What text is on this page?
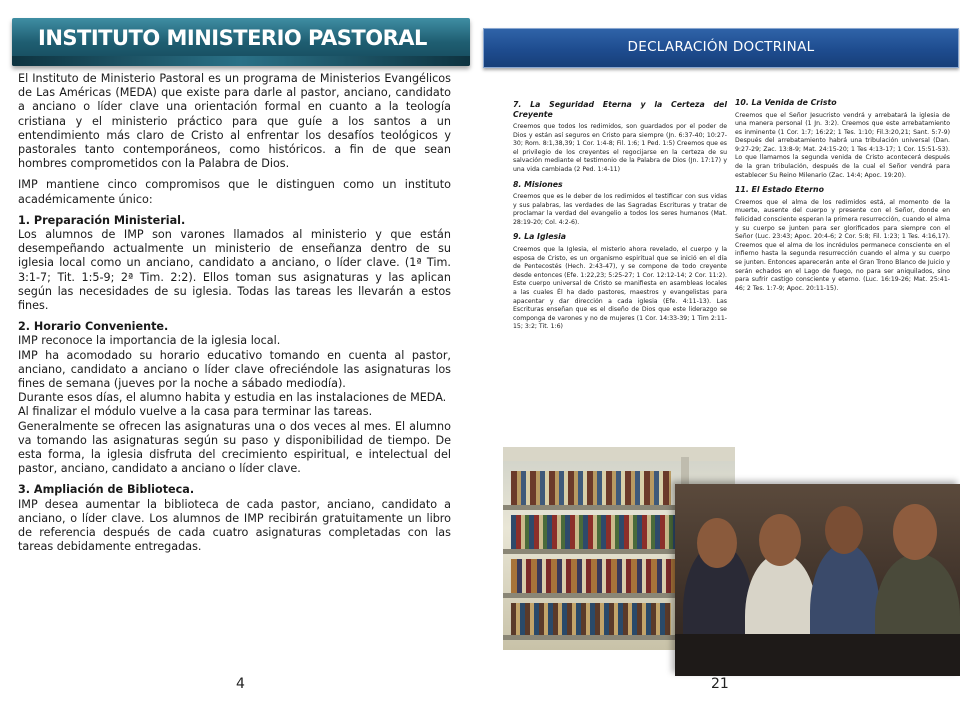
INSTITUTO MINISTERIO PASTORAL

El Instituto de Ministerio Pastoral es un programa de Ministerios Evangélicos de Las Américas (MEDA) que existe para darle al pastor, anciano, candidato a anciano o líder clave una orientación formal en cuanto a la teología cristiana y el ministerio práctico para que guíe a los santos a un entendimiento más claro de Cristo al enfrentar los desafíos teológicos y pastorales tanto contemporáneos, como históricos. a fin de que sean hombres comprometidos con la Palabra de Dios.

IMP mantiene cinco compromisos que le distinguen como un instituto académicamente único:

1. Preparación Ministerial.
Los alumnos de IMP son varones llamados al ministerio y que están desempeñando actualmente un ministerio de enseñanza dentro de su iglesia local como un anciano, candidato a anciano, o líder clave. (1ª Tim. 3:1-7; Tit. 1:5-9; 2ª Tim. 2:2). Ellos toman sus asignaturas y las aplican según las necesidades de su iglesia. Todas las tareas les llevarán a estos fines.

2. Horario Conveniente.
IMP reconoce la importancia de la iglesia local.
IMP ha acomodado su horario educativo tomando en cuenta al pastor, anciano, candidato a anciano o líder clave ofreciéndole las asignaturas los fines de semana (jueves por la noche a sábado mediodía).
Durante esos días, el alumno habita y estudia en las instalaciones de MEDA.
Al finalizar el módulo vuelve a la casa para terminar las tareas.
Generalmente se ofrecen las asignaturas una o dos veces al mes. El alumno va tomando las asignaturas según su paso y disponibilidad de tiempo. De esta forma, la iglesia disfruta del crecimiento espiritual, e intelectual del pastor, anciano, candidato a anciano o líder clave.

3. Ampliación de Biblioteca.
IMP desea aumentar la biblioteca de cada pastor, anciano, candidato a anciano, o líder clave. Los alumnos de IMP recibirán gratuitamente un libro de referencia después de cada cuatro asignaturas completadas con las tareas debidamente entregadas.

4
DECLARACIÓN DOCTRINAL
7. La Seguridad Eterna y la Certeza del Creyente

Creemos que todos los redimidos, son guardados por el poder de Dios y están así seguros en Cristo para siempre (Jn. 6:37-40; 10:27-30; Rom. 8:1,38,39; 1 Cor. 1:4-8; Fil. 1:6; 1 Ped. 1:5) Creemos que es el privilegio de los creyentes el regocijarse en la certeza de su salvación mediante el testimonio de la Palabra de Dios (Jn. 17:17) y una vida cambiada (2 Ped. 1:4-11)

8. Misiones

Creemos que es le deber de los redimidos el testificar con sus vidas y sus palabras, las verdades de las Sagradas Escrituras y tratar de proclamar la verdad del evangelio a todos los seres humanos (Mat. 28:19-20; Col. 4:2-6).

9. La Iglesia

Creemos que la Iglesia, el misterio ahora revelado, el cuerpo y la esposa de Cristo, es un organismo espiritual que se inició en el día de Pentecostés (Hech. 2:43-47), y se compone de todo creyente desde entonces (Efe. 1:22,23; 5:25-27; 1 Cor. 12:12-14; 2 Cor. 11:2). Este cuerpo universal de Cristo se manifiesta en asambleas locales a las cuales Él ha dado pastores, maestros y evangelistas para apacentar y dar dirección a cada iglesia (Efe. 4:11-13). Las Escrituras enseñan que es el diseño de Dios que este liderazgo se componga de varones y no de mujeres (1 Cor. 14:33-39; 1 Tim 2:11-15; 3:2; Tit. 1:6)

10. La Venida de Cristo

Creemos que el Señor Jesucristo vendrá y arrebatará la iglesia de una manera personal (1 Jn. 3:2). Creemos que este arrebatamiento es inminente (1 Cor. 1:7; 16:22; 1 Tes. 1:10; Fil.3:20,21; Sant. 5:7-9) Después del arrebatamiento habrá una tribulación universal (Dan. 9:27-29; Zac. 13:8-9; Mat. 24:15-20; 1 Tes 4:13-17; 1 Cor. 15:51-53). Lo que llamamos la segunda venida de Cristo acontecerá después de la gran tribulación, después de la cual el Señor vendrá para establecer Su Reino Milenario (Zac. 14:4; Apoc. 19:20).

11. El Estado Eterno

Creemos que el alma de los redimidos está, al momento de la muerte, ausente del cuerpo y presente con el Señor, donde en felicidad consciente esperan la primera resurrección, cuando el alma y su cuerpo se junten para ser glorificados para siempre con el Señor (Luc. 23:43; Apoc. 20:4-6; 2 Cor. 5:8; Fil. 1:23; 1 Tes. 4:16,17). Creemos que el alma de los incrédulos permanece consciente en el infierno hasta la segunda resurrección cuando el alma y su cuerpo se junten. Entonces aparecerán ante el Gran Trono Blanco de Juicio y serán echados en el Lago de fuego, no para ser aniquilados, sino para sufrir castigo consciente y eterno. (Luc. 16:19-26; Mat. 25:41-46; 2 Tes. 1:7-9; Apoc. 20:11-15).

21
